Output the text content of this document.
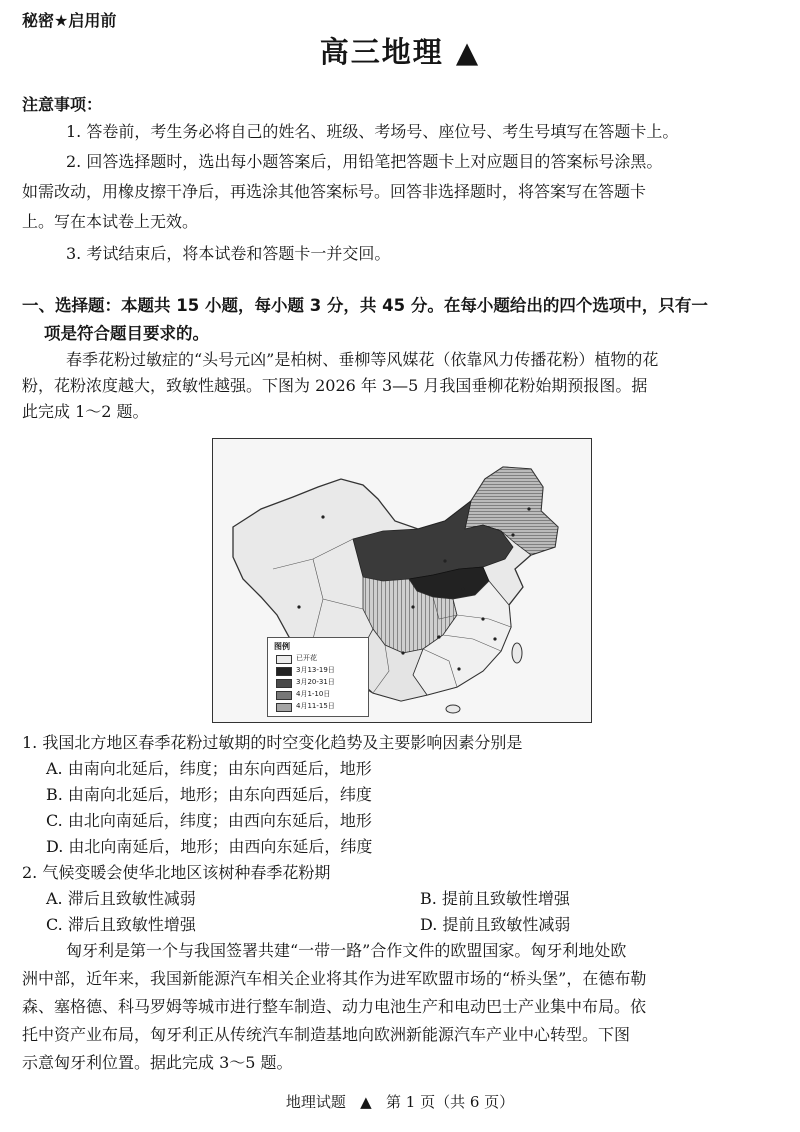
秘密★启用前
高三地理 ▲
注意事项：
1. 答卷前，考生务必将自己的姓名、班级、考场号、座位号、考生号填写在答题卡上。
2. 回答选择题时，选出每小题答案后，用铅笔把答题卡上对应题目的答案标号涂黑。
如需改动，用橡皮擦干净后，再选涂其他答案标号。回答非选择题时，将答案写在答题卡
上。写在本试卷上无效。
3. 考试结束后，将本试卷和答题卡一并交回。
一、选择题：本题共 15 小题，每小题 3 分，共 45 分。在每小题给出的四个选项中，只有一
项是符合题目要求的。
春季花粉过敏症的“头号元凶”是柏树、垂柳等风媒花（依靠风力传播花粉）植物的花
粉，花粉浓度越大，致敏性越强。下图为 2026 年 3—5 月我国垂柳花粉始期预报图。据
此完成 1～2 题。
图例
已开花
3月13-19日
3月20-31日
4月1-10日
4月11-15日
1. 我国北方地区春季花粉过敏期的时空变化趋势及主要影响因素分别是
A. 由南向北延后，纬度；由东向西延后，地形
B. 由南向北延后，地形；由东向西延后，纬度
C. 由北向南延后，纬度；由西向东延后，地形
D. 由北向南延后，地形；由西向东延后，纬度
2. 气候变暖会使华北地区该树种春季花粉期
A. 滞后且致敏性减弱	B. 提前且致敏性增强
C. 滞后且致敏性增强	D. 提前且致敏性减弱
匈牙利是第一个与我国签署共建“一带一路”合作文件的欧盟国家。匈牙利地处欧
洲中部，近年来，我国新能源汽车相关企业将其作为进军欧盟市场的“桥头堡”，在德布勒
森、塞格德、科马罗姆等城市进行整车制造、动力电池生产和电动巴士产业集中布局。依
托中资产业布局，匈牙利正从传统汽车制造基地向欧洲新能源汽车产业中心转型。下图
示意匈牙利位置。据此完成 3～5 题。
地理试题 ▲ 第 1 页（共 6 页）
